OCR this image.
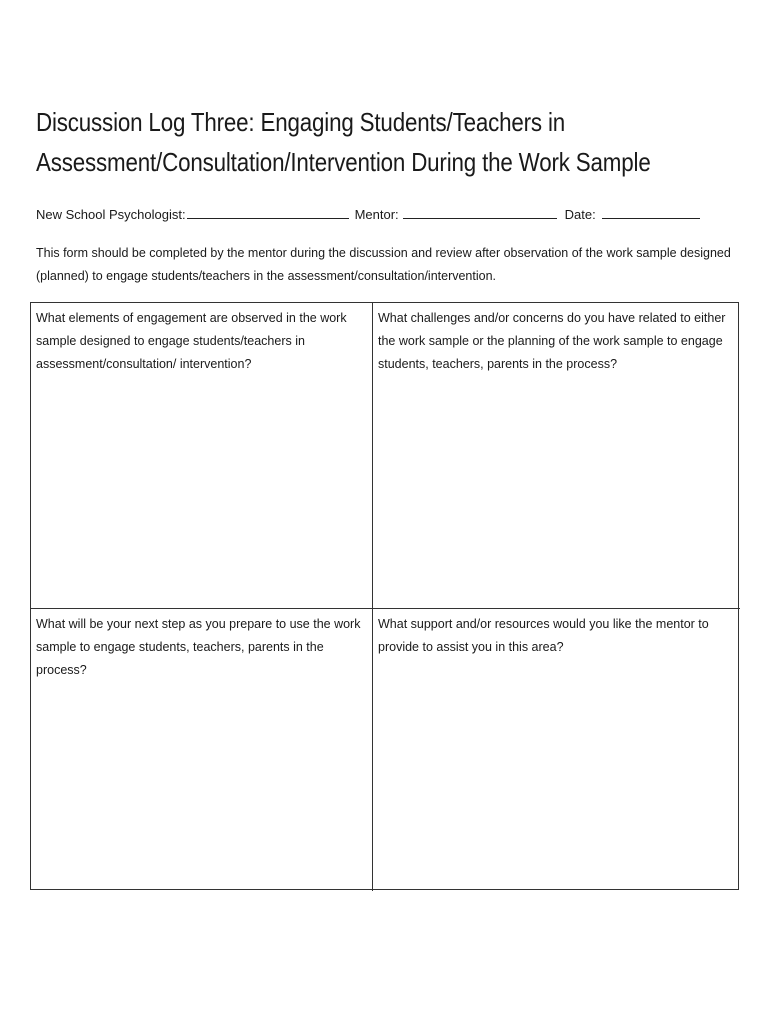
Discussion Log Three: Engaging Students/Teachers in
Assessment/Consultation/Intervention During the Work Sample
New School Psychologist:	Mentor:	Date:

This form should be completed by the mentor during the discussion and review after observation of the work sample designed (planned) to engage students/teachers in the assessment/consultation/intervention.

What elements of engagement are observed in the work sample designed to engage students/teachers in assessment/consultation/ intervention?

What challenges and/or concerns do you have related to either the work sample or the planning of the work sample to engage students, teachers, parents in the process?

What will be your next step as you prepare to use the work sample to engage students, teachers, parents in the process?

What support and/or resources would you like the mentor to provide to assist you in this area?
